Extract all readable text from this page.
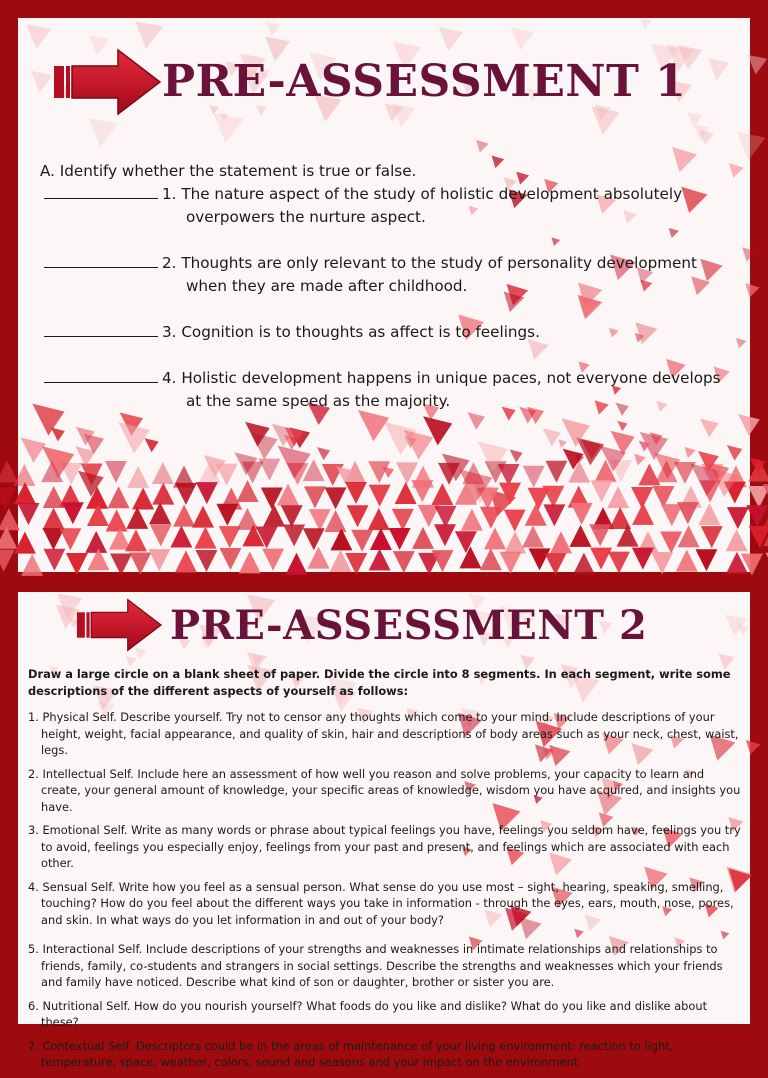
PRE-ASSESSMENT 1

A. Identify whether the statement is true or false.

1. The nature aspect of the study of holistic development absolutely
overpowers the nurture aspect.
2. Thoughts are only relevant to the study of personality development
when they are made after childhood.
3. Cognition is to thoughts as affect is to feelings.
4. Holistic development happens in unique paces, not everyone develops
at the same speed as the majority.
PRE-ASSESSMENT 2

Draw a large circle on a blank sheet of paper. Divide the circle into 8 segments. In each segment, write some descriptions of the different aspects of yourself as follows:

1. Physical Self. Describe yourself. Try not to censor any thoughts which come to your mind. Include descriptions of your height, weight, facial appearance, and quality of skin, hair and descriptions of body areas such as your neck, chest, waist, legs.
2. Intellectual Self. Include here an assessment of how well you reason and solve problems, your capacity to learn and create, your general amount of knowledge, your specific areas of knowledge, wisdom you have acquired, and insights you have.
3. Emotional Self. Write as many words or phrase about typical feelings you have, feelings you seldom have, feelings you try to avoid, feelings you especially enjoy, feelings from your past and present, and feelings which are associated with each other.
4. Sensual Self. Write how you feel as a sensual person. What sense do you use most – sight, hearing, speaking, smelling, touching? How do you feel about the different ways you take in information - through the eyes, ears, mouth, nose, pores, and skin. In what ways do you let information in and out of your body?
5. Interactional Self. Include descriptions of your strengths and weaknesses in intimate relationships and relationships to friends, family, co-students and strangers in social settings. Describe the strengths and weaknesses which your friends and family have noticed. Describe what kind of son or daughter, brother or sister you are.
6. Nutritional Self. How do you nourish yourself? What foods do you like and dislike? What do you like and dislike about these?
7. Contextual Self. Descriptors could be in the areas of maintenance of your living environment: reaction to light, temperature, space, weather, colors, sound and seasons and your impact on the environment.
